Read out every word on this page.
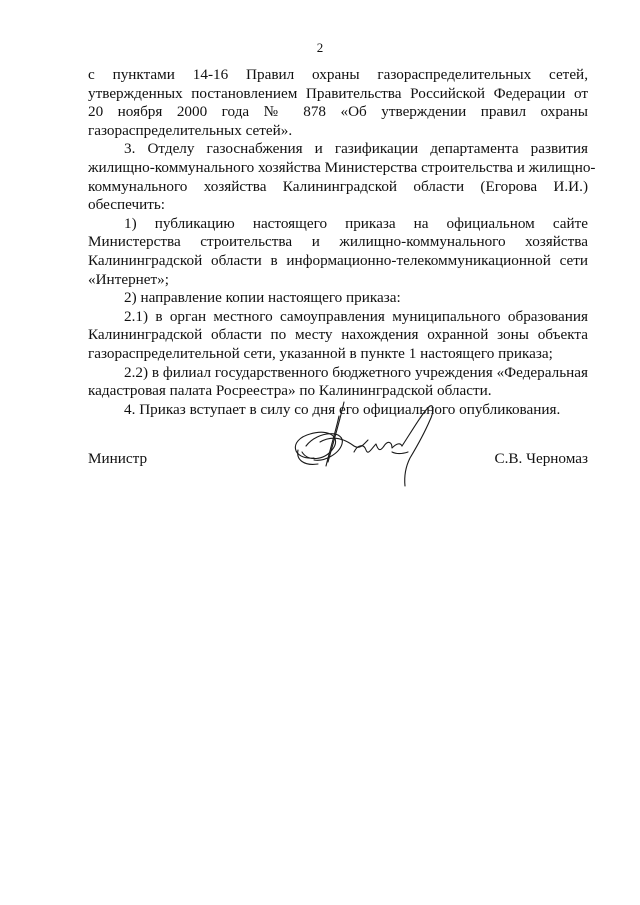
2
с пунктами 14-16 Правил охраны газораспределительных сетей,
утвержденных постановлением Правительства Российской Федерации от
20 ноября 2000 года № 878 «Об утверждении правил охраны
газораспределительных сетей».
3. Отделу газоснабжения и газификации департамента развития
жилищно-коммунального хозяйства Министерства строительства и жилищно-
коммунального хозяйства Калининградской области (Егорова И.И.)
обеспечить:
1) публикацию настоящего приказа на официальном сайте
Министерства строительства и жилищно-коммунального хозяйства
Калининградской области в информационно-телекоммуникационной сети
«Интернет»;
2) направление копии настоящего приказа:
2.1) в орган местного самоуправления муниципального образования
Калининградской области по месту нахождения охранной зоны объекта
газораспределительной сети, указанной в пункте 1 настоящего приказа;
2.2) в филиал государственного бюджетного учреждения «Федеральная
кадастровая палата Росреестра» по Калининградской области.
4. Приказ вступает в силу со дня его официального опубликования.
Министр	С.В. Черномаз
